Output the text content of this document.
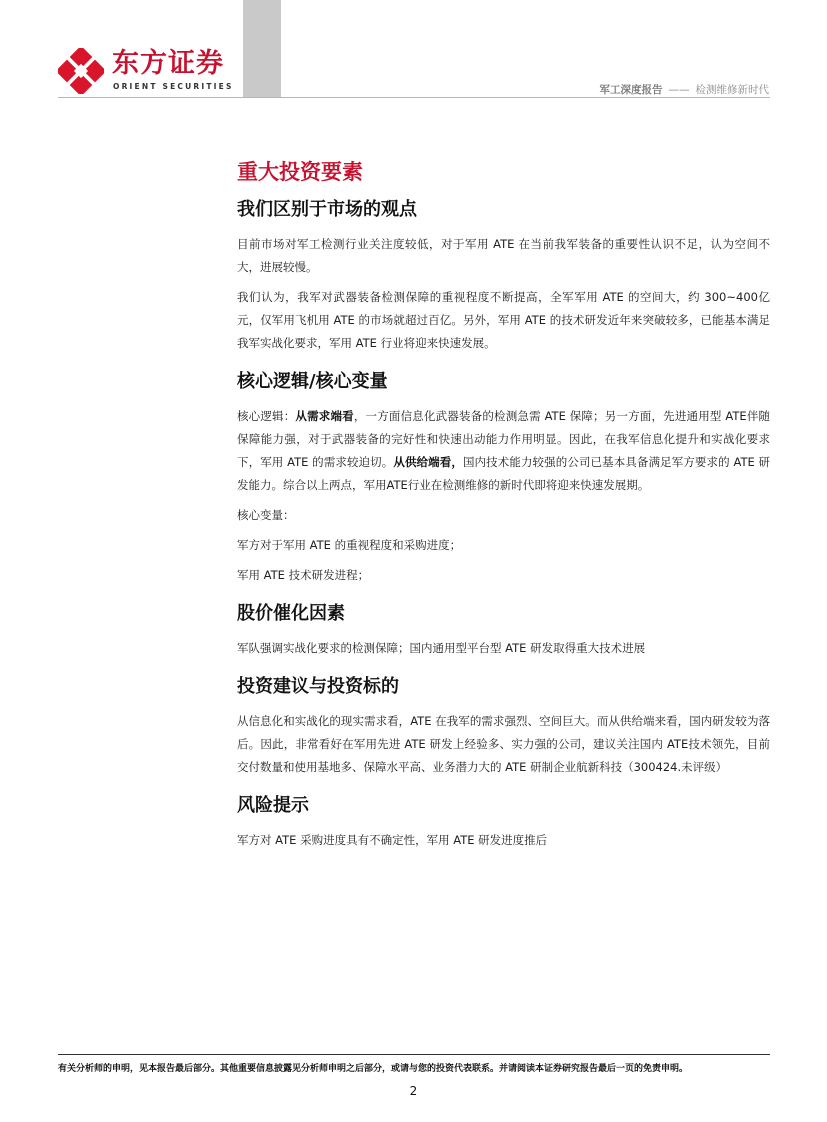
东方证券
ORIENT SECURITIES	军工深度报告 —— 检测维修新时代
重大投资要素
我们区别于市场的观点
目前市场对军工检测行业关注度较低，对于军用 ATE 在当前我军装备的重要性认识不足，认为空间不大，进展较慢。
我们认为，我军对武器装备检测保障的重视程度不断提高，全军军用 ATE 的空间大，约 300~400亿元，仅军用飞机用 ATE 的市场就超过百亿。另外，军用 ATE 的技术研发近年来突破较多，已能基本满足我军实战化要求，军用 ATE 行业将迎来快速发展。
核心逻辑/核心变量
核心逻辑：从需求端看，一方面信息化武器装备的检测急需 ATE 保障；另一方面，先进通用型 ATE伴随保障能力强，对于武器装备的完好性和快速出动能力作用明显。因此，在我军信息化提升和实战化要求下，军用 ATE 的需求较迫切。从供给端看，国内技术能力较强的公司已基本具备满足军方要求的 ATE 研发能力。综合以上两点，军用ATE行业在检测维修的新时代即将迎来快速发展期。
核心变量：
军方对于军用 ATE 的重视程度和采购进度；
军用 ATE 技术研发进程；
股价催化因素
军队强调实战化要求的检测保障；国内通用型平台型 ATE 研发取得重大技术进展
投资建议与投资标的
从信息化和实战化的现实需求看，ATE 在我军的需求强烈、空间巨大。而从供给端来看，国内研发较为落后。因此，非常看好在军用先进 ATE 研发上经验多、实力强的公司，建议关注国内 ATE技术领先，目前交付数量和使用基地多、保障水平高、业务潜力大的 ATE 研制企业航新科技（300424.未评级）
风险提示
军方对 ATE 采购进度具有不确定性，军用 ATE 研发进度推后
有关分析师的申明，见本报告最后部分。其他重要信息披露见分析师申明之后部分，或请与您的投资代表联系。并请阅读本证券研究报告最后一页的免责申明。
2
